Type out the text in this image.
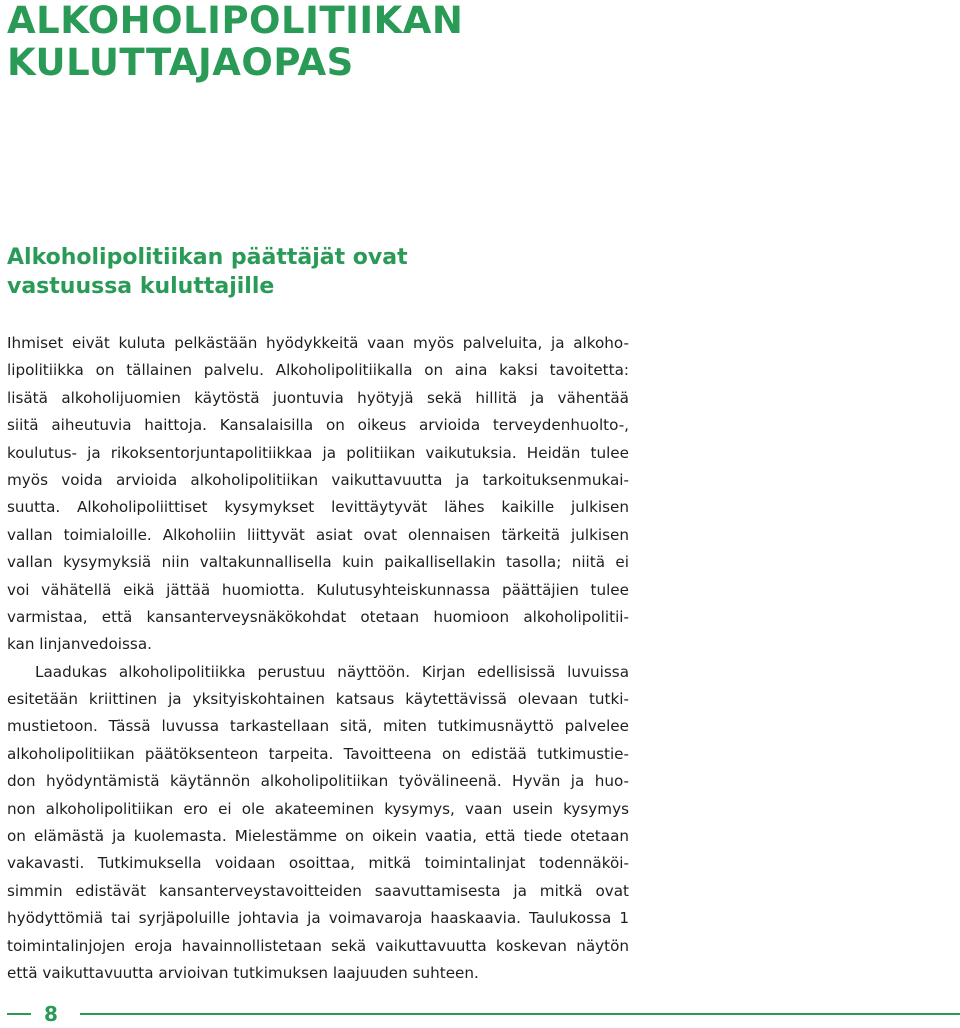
ALKOHOLIPOLITIIKAN
KULUTTAJAOPAS
Alkoholipolitiikan päättäjät ovat
vastuussa kuluttajille
Ihmiset eivät kuluta pelkästään hyödykkeitä vaan myös palveluita, ja alkoho-
lipolitiikka on tällainen palvelu. Alkoholipolitiikalla on aina kaksi tavoitetta:
lisätä alkoholijuomien käytöstä juontuvia hyötyjä sekä hillitä ja vähentää
siitä aiheutuvia haittoja. Kansalaisilla on oikeus arvioida terveydenhuolto-,
koulutus- ja rikoksentorjuntapolitiikkaa ja politiikan vaikutuksia. Heidän tulee
myös voida arvioida alkoholipolitiikan vaikuttavuutta ja tarkoituksenmukai-
suutta. Alkoholipoliittiset kysymykset levittäytyvät lähes kaikille julkisen
vallan toimialoille. Alkoholiin liittyvät asiat ovat olennaisen tärkeitä julkisen
vallan kysymyksiä niin valtakunnallisella kuin paikallisellakin tasolla; niitä ei
voi vähätellä eikä jättää huomiotta. Kulutusyhteiskunnassa päättäjien tulee
varmistaa, että kansanterveysnäkökohdat otetaan huomioon alkoholipolitii-
kan linjanvedoissa.
Laadukas alkoholipolitiikka perustuu näyttöön. Kirjan edellisissä luvuissa
esitetään kriittinen ja yksityiskohtainen katsaus käytettävissä olevaan tutki-
mustietoon. Tässä luvussa tarkastellaan sitä, miten tutkimusnäyttö palvelee
alkoholipolitiikan päätöksenteon tarpeita. Tavoitteena on edistää tutkimustie-
don hyödyntämistä käytännön alkoholipolitiikan työvälineenä. Hyvän ja huo-
non alkoholipolitiikan ero ei ole akateeminen kysymys, vaan usein kysymys
on elämästä ja kuolemasta. Mielestämme on oikein vaatia, että tiede otetaan
vakavasti. Tutkimuksella voidaan osoittaa, mitkä toimintalinjat todennäköi-
simmin edistävät kansanterveystavoitteiden saavuttamisesta ja mitkä ovat
hyödyttömiä tai syrjäpoluille johtavia ja voimavaroja haaskaavia. Taulukossa 1
toimintalinjojen eroja havainnollistetaan sekä vaikuttavuutta koskevan näytön
että vaikuttavuutta arvioivan tutkimuksen laajuuden suhteen.
8
